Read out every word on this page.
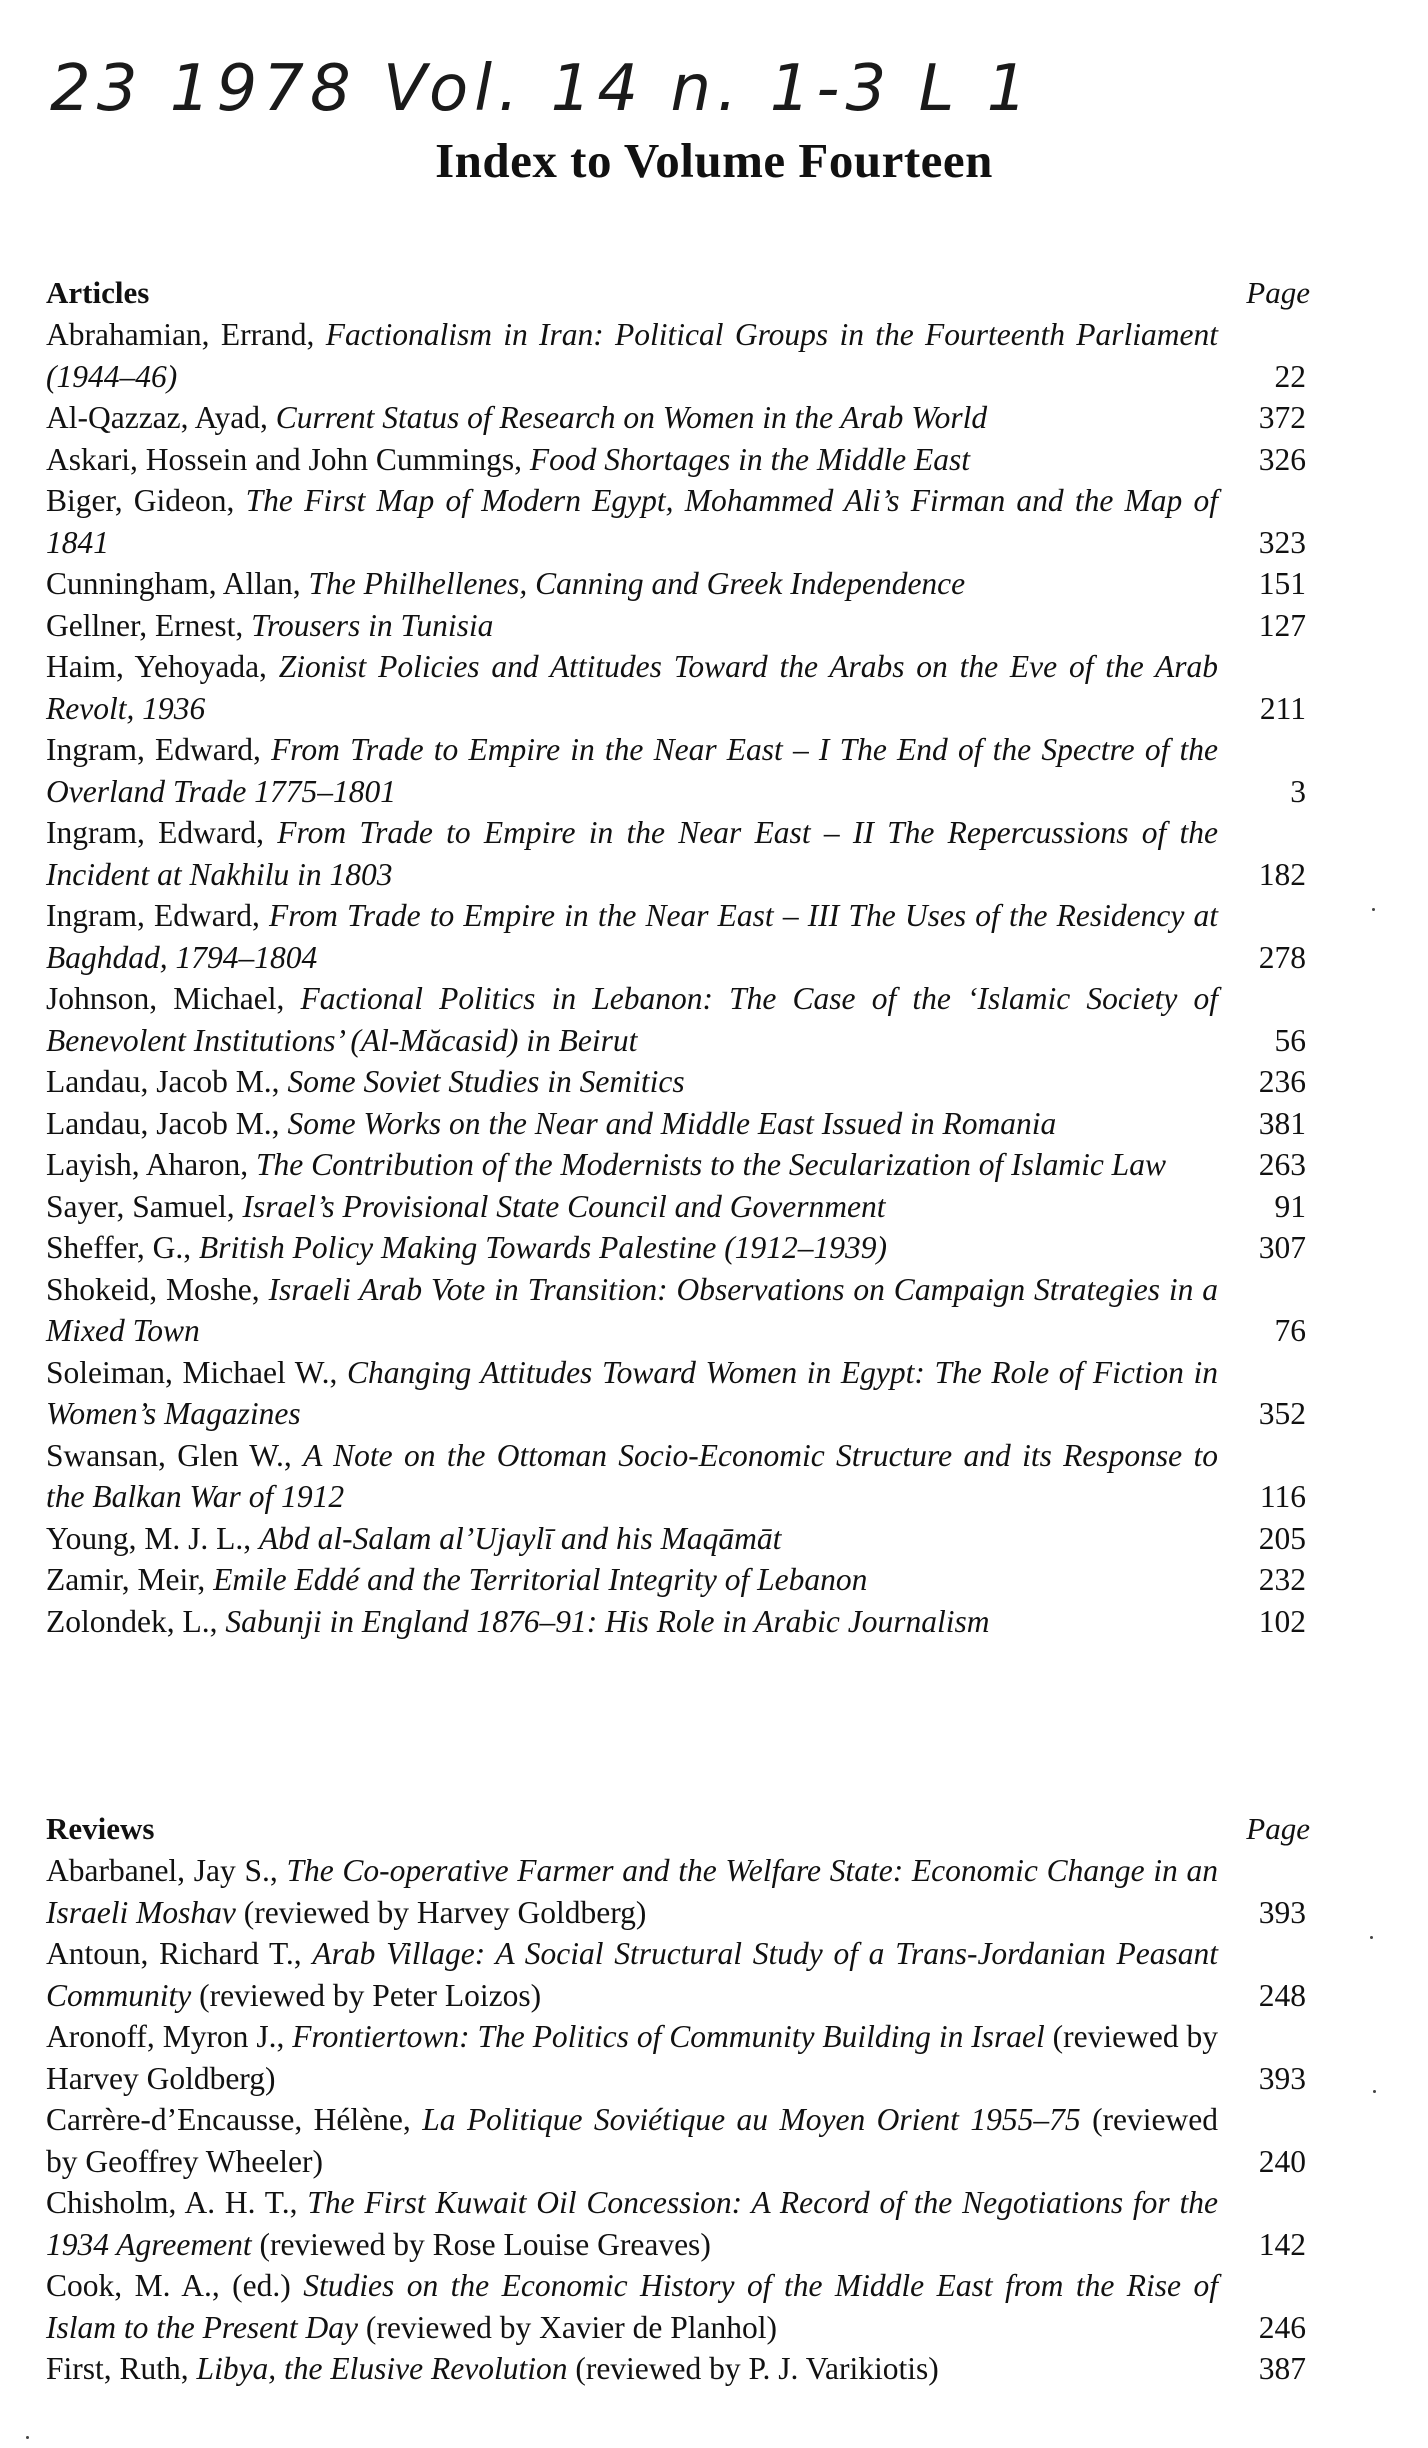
23 1978 Vol. 14 n. 1-3 L 1
Index to Volume Fourteen
Articles	Page
Abrahamian, Errand, Factionalism in Iran: Political Groups in the Fourteenth Parliament (1944–46)	22
Al-Qazzaz, Ayad, Current Status of Research on Women in the Arab World	372
Askari, Hossein and John Cummings, Food Shortages in the Middle East	326
Biger, Gideon, The First Map of Modern Egypt, Mohammed Ali’s Firman and the Map of 1841	323
Cunningham, Allan, The Philhellenes, Canning and Greek Independence	151
Gellner, Ernest, Trousers in Tunisia	127
Haim, Yehoyada, Zionist Policies and Attitudes Toward the Arabs on the Eve of the Arab Revolt, 1936	211
Ingram, Edward, From Trade to Empire in the Near East – I The End of the Spectre of the Overland Trade 1775–1801	3
Ingram, Edward, From Trade to Empire in the Near East – II The Repercussions of the Incident at Nakhilu in 1803	182
Ingram, Edward, From Trade to Empire in the Near East – III The Uses of the Residency at Baghdad, 1794–1804	278
Johnson, Michael, Factional Politics in Lebanon: The Case of the ‘Islamic Society of Benevolent Institutions’ (Al-Măcasid) in Beirut	56
Landau, Jacob M., Some Soviet Studies in Semitics	236
Landau, Jacob M., Some Works on the Near and Middle East Issued in Romania	381
Layish, Aharon, The Contribution of the Modernists to the Secularization of Islamic Law	263
Sayer, Samuel, Israel’s Provisional State Council and Government	91
Sheffer, G., British Policy Making Towards Palestine (1912–1939)	307
Shokeid, Moshe, Israeli Arab Vote in Transition: Observations on Campaign Strategies in a Mixed Town	76
Soleiman, Michael W., Changing Attitudes Toward Women in Egypt: The Role of Fiction in Women’s Magazines	352
Swansan, Glen W., A Note on the Ottoman Socio-Economic Structure and its Response to the Balkan War of 1912	116
Young, M. J. L., Abd al-Salam al’Ujaylī and his Maqāmāt	205
Zamir, Meir, Emile Eddé and the Territorial Integrity of Lebanon	232
Zolondek, L., Sabunji in England 1876–91: His Role in Arabic Journalism	102
Reviews	Page
Abarbanel, Jay S., The Co-operative Farmer and the Welfare State: Economic Change in an Israeli Moshav (reviewed by Harvey Goldberg)	393
Antoun, Richard T., Arab Village: A Social Structural Study of a Trans-Jordanian Peasant Community (reviewed by Peter Loizos)	248
Aronoff, Myron J., Frontiertown: The Politics of Community Building in Israel (reviewed by Harvey Goldberg)	393
Carrère-d’Encausse, Hélène, La Politique Soviétique au Moyen Orient 1955–75 (reviewed by Geoffrey Wheeler)	240
Chisholm, A. H. T., The First Kuwait Oil Concession: A Record of the Negotiations for the 1934 Agreement (reviewed by Rose Louise Greaves)	142
Cook, M. A., (ed.) Studies on the Economic History of the Middle East from the Rise of Islam to the Present Day (reviewed by Xavier de Planhol)	246
First, Ruth, Libya, the Elusive Revolution (reviewed by P. J. Varikiotis)	387
